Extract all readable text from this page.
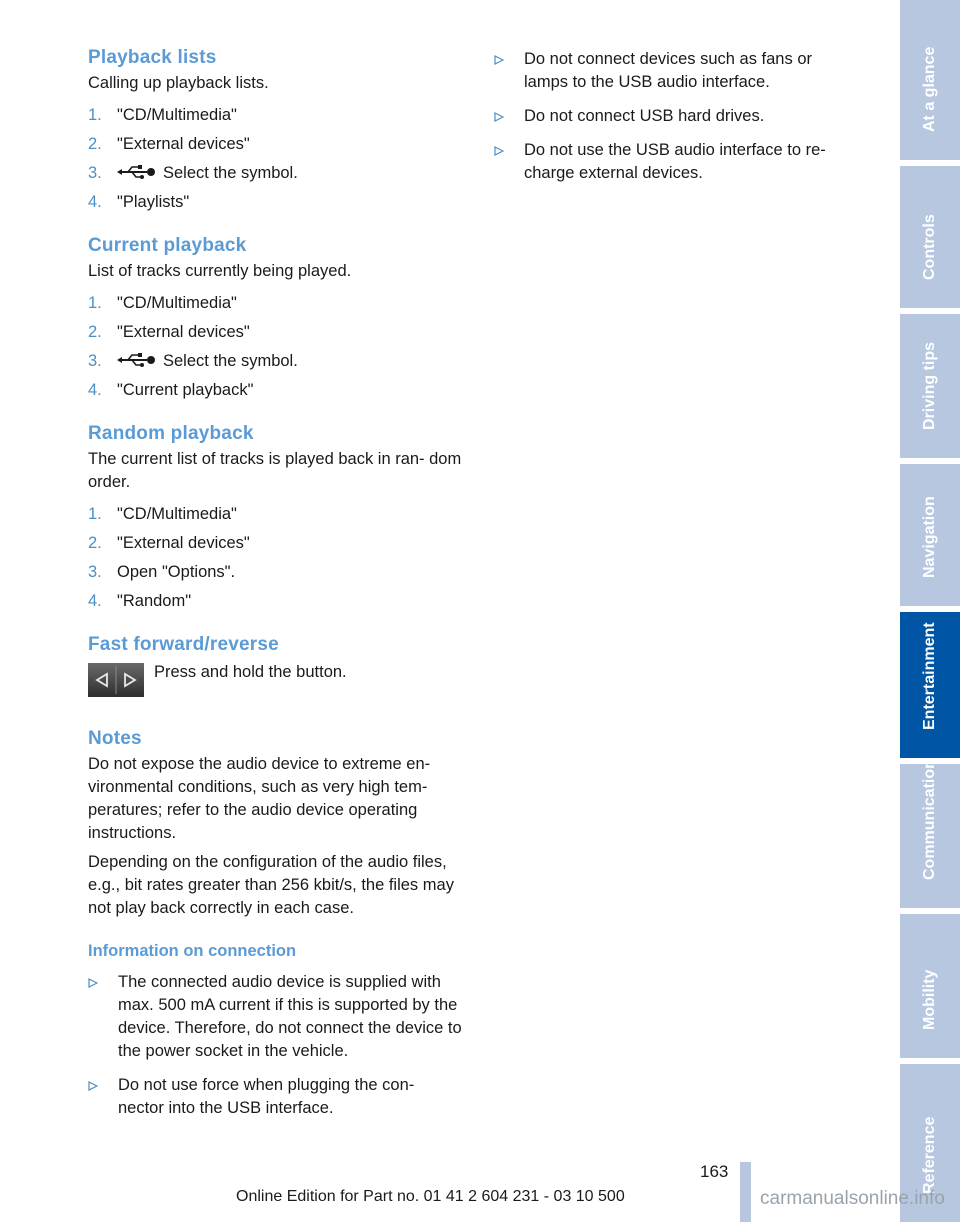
Playback lists

Calling up playback lists.

1. "CD/Multimedia"
2. "External devices"
3.	Select the symbol.
4. "Playlists"
Current playback

List of tracks currently being played.

1. "CD/Multimedia"
2. "External devices"
3.	Select the symbol.
4. "Current playback"
Random playback

The current list of tracks is played back in ran‐ dom order.

1. "CD/Multimedia"
2. "External devices"
3. Open "Options".
4. "Random"
Fast forward/reverse

Press and hold the button.

Notes

Do not expose the audio device to extreme en‐ vironmental conditions, such as very high tem‐ peratures; refer to the audio device operating instructions.

Depending on the configuration of the audio files, e.g., bit rates greater than 256 kbit/s, the files may not play back correctly in each case.

Information on connection
The connected audio device is supplied with max. 500 mA current if this is supported by the device. Therefore, do not connect the device to the power socket in the vehicle.
Do not use force when plugging the con‐ nector into the USB interface.
Do not connect devices such as fans or lamps to the USB audio interface.
Do not connect USB hard drives.
Do not use the USB audio interface to re‐ charge external devices.
At a glance
Controls
Driving tips
Navigation
Entertainment
Communication
Mobility
Reference
163
Online Edition for Part no. 01 41 2 604 231 - 03 10 500	carmanualsonline.info
